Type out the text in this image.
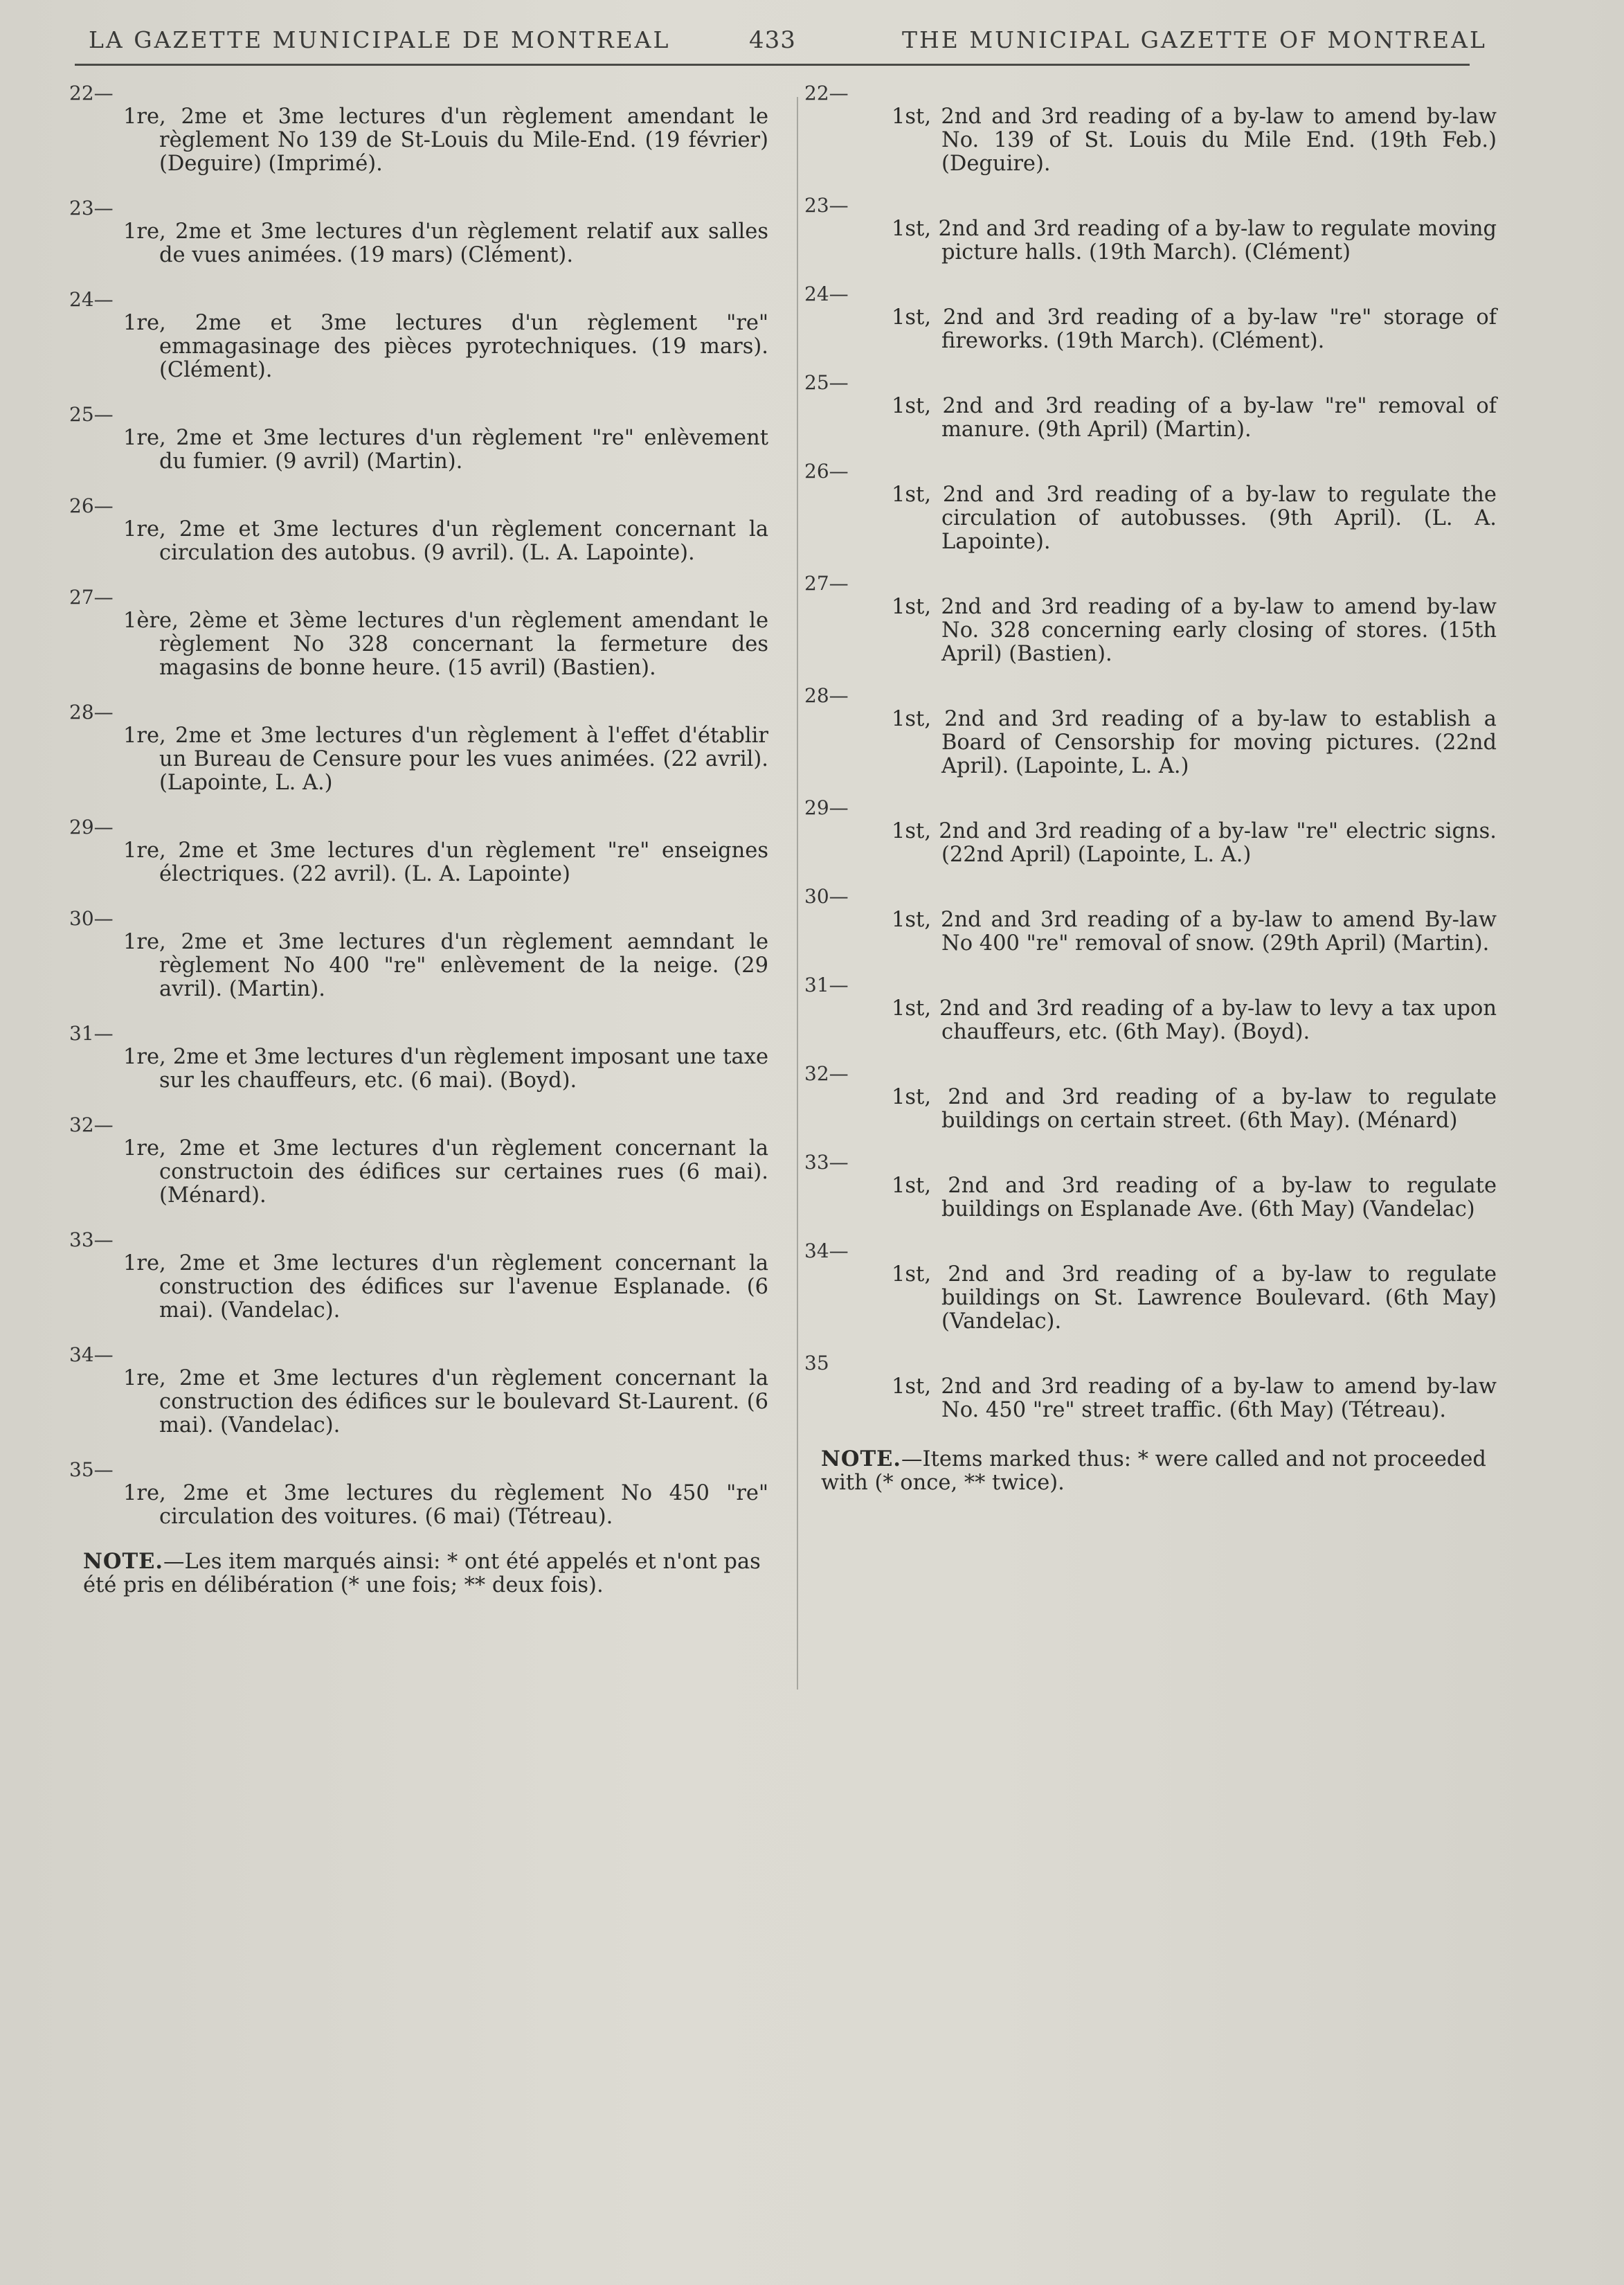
LA GAZETTE MUNICIPALE DE MONTREAL	433	THE MUNICIPAL GAZETTE OF MONTREAL
22—
1re, 2me et 3me lectures d'un règlement amendant le règlement No 139 de St-Louis du Mile-End. (19 février) (Deguire) (Imprimé).
23—
1re, 2me et 3me lectures d'un règlement relatif aux salles de vues animées. (19 mars) (Clément).
24—
1re, 2me et 3me lectures d'un règlement "re" emmagasinage des pièces pyrotechniques. (19 mars). (Clément).
25—
1re, 2me et 3me lectures d'un règlement "re" enlèvement du fumier. (9 avril) (Martin).
26—
1re, 2me et 3me lectures d'un règlement concernant la circulation des autobus. (9 avril). (L. A. Lapointe).
27—
1ère, 2ème et 3ème lectures d'un règlement amendant le règlement No 328 concernant la fermeture des magasins de bonne heure. (15 avril) (Bastien).
28—
1re, 2me et 3me lectures d'un règlement à l'effet d'établir un Bureau de Censure pour les vues animées. (22 avril). (Lapointe, L. A.)
29—
1re, 2me et 3me lectures d'un règlement "re" enseignes électriques. (22 avril). (L. A. Lapointe)
30—
1re, 2me et 3me lectures d'un règlement aemndant le règlement No 400 "re" enlèvement de la neige. (29 avril). (Martin).
31—
1re, 2me et 3me lectures d'un règlement imposant une taxe sur les chauffeurs, etc. (6 mai). (Boyd).
32—
1re, 2me et 3me lectures d'un règlement concernant la constructoin des édifices sur certaines rues (6 mai). (Ménard).
33—
1re, 2me et 3me lectures d'un règlement concernant la construction des édifices sur l'avenue Esplanade. (6 mai). (Vandelac).
34—
1re, 2me et 3me lectures d'un règlement concernant la construction des édifices sur le boulevard St-Laurent. (6 mai). (Vandelac).
35—
1re, 2me et 3me lectures du règlement No 450 "re" circulation des voitures. (6 mai) (Tétreau).
NOTE.—Les item marqués ainsi: * ont été appelés et n'ont pas été pris en délibération (* une fois; ** deux fois).
22—
1st, 2nd and 3rd reading of a by-law to amend by-law No. 139 of St. Louis du Mile End. (19th Feb.) (Deguire).
23—
1st, 2nd and 3rd reading of a by-law to regulate moving picture halls. (19th March). (Clément)
24—
1st, 2nd and 3rd reading of a by-law "re" storage of fireworks. (19th March). (Clément).
25—
1st, 2nd and 3rd reading of a by-law "re" removal of manure. (9th April) (Martin).
26—
1st, 2nd and 3rd reading of a by-law to regulate the circulation of autobusses. (9th April). (L. A. Lapointe).
27—
1st, 2nd and 3rd reading of a by-law to amend by-law No. 328 concerning early closing of stores. (15th April) (Bastien).
28—
1st, 2nd and 3rd reading of a by-law to establish a Board of Censorship for moving pictures. (22nd April). (Lapointe, L. A.)
29—
1st, 2nd and 3rd reading of a by-law "re" electric signs. (22nd April) (Lapointe, L. A.)
30—
1st, 2nd and 3rd reading of a by-law to amend By-law No 400 "re" removal of snow. (29th April) (Martin).
31—
1st, 2nd and 3rd reading of a by-law to levy a tax upon chauffeurs, etc. (6th May). (Boyd).
32—
1st, 2nd and 3rd reading of a by-law to regulate buildings on certain street. (6th May). (Ménard)
33—
1st, 2nd and 3rd reading of a by-law to regulate buildings on Esplanade Ave. (6th May) (Vandelac)
34—
1st, 2nd and 3rd reading of a by-law to regulate buildings on St. Lawrence Boulevard. (6th May) (Vandelac).
35
1st, 2nd and 3rd reading of a by-law to amend by-law No. 450 "re" street traffic. (6th May) (Tétreau).
NOTE.—Items marked thus: * were called and not proceeded with (* once, ** twice).
